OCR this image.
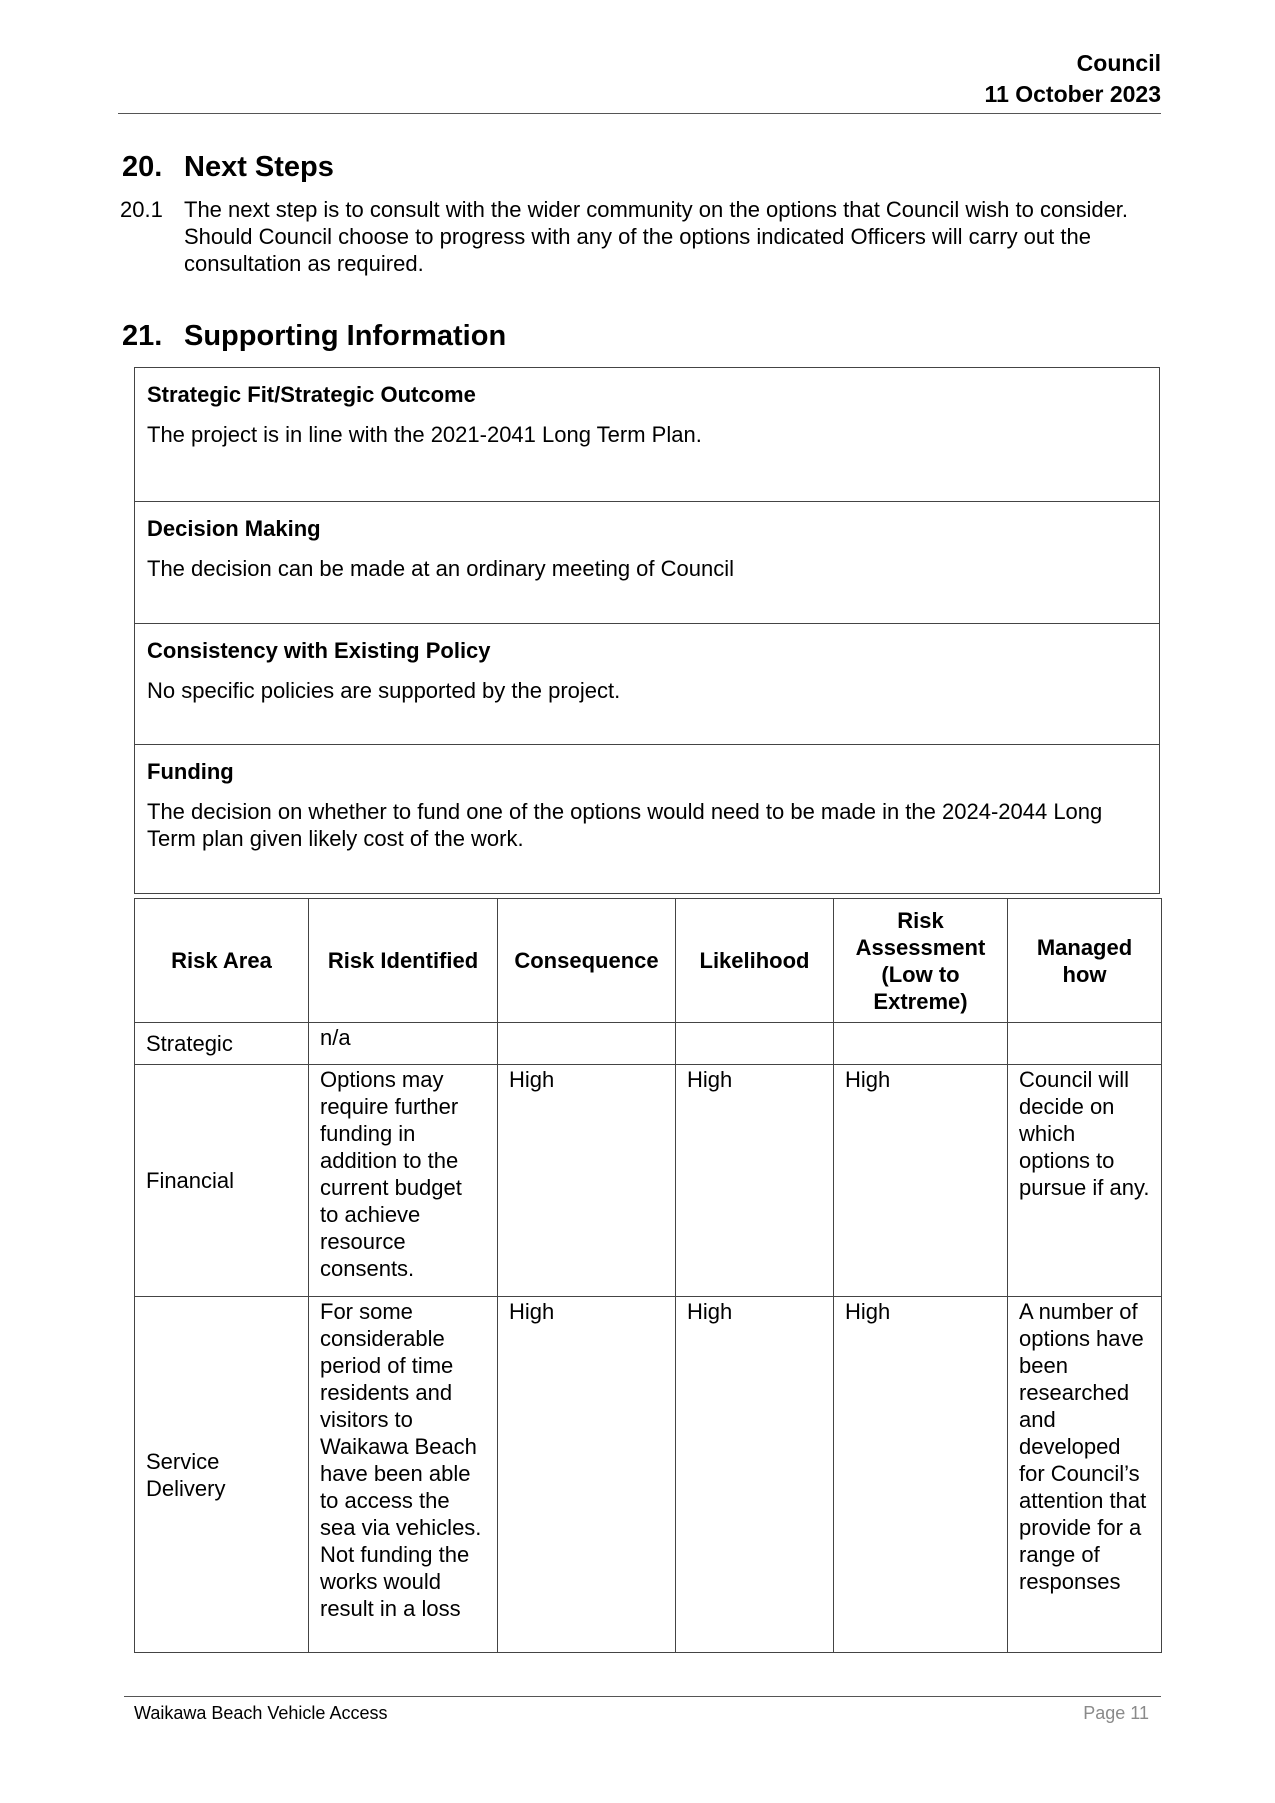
Council
11 October 2023
20. Next Steps
20.1 The next step is to consult with the wider community on the options that Council wish to consider. Should Council choose to progress with any of the options indicated Officers will carry out the consultation as required.
21. Supporting Information
Strategic Fit/Strategic Outcome
The project is in line with the 2021-2041 Long Term Plan.
Decision Making
The decision can be made at an ordinary meeting of Council
Consistency with Existing Policy
No specific policies are supported by the project.
Funding
The decision on whether to fund one of the options would need to be made in the 2024-2044 Long Term plan given likely cost of the work.
Risk Area	Risk Identified	Consequence	Likelihood	Risk Assessment (Low to Extreme)	Managed how
Strategic	n/a				
Financial	Options may require further funding in addition to the current budget to achieve resource consents.	High	High	High	Council will decide on which options to pursue if any.
Service Delivery	For some considerable period of time residents and visitors to Waikawa Beach have been able to access the sea via vehicles. Not funding the works would result in a loss	High	High	High	A number of options have been researched and developed for Council’s attention that provide for a range of responses
Waikawa Beach Vehicle Access	Page 11
